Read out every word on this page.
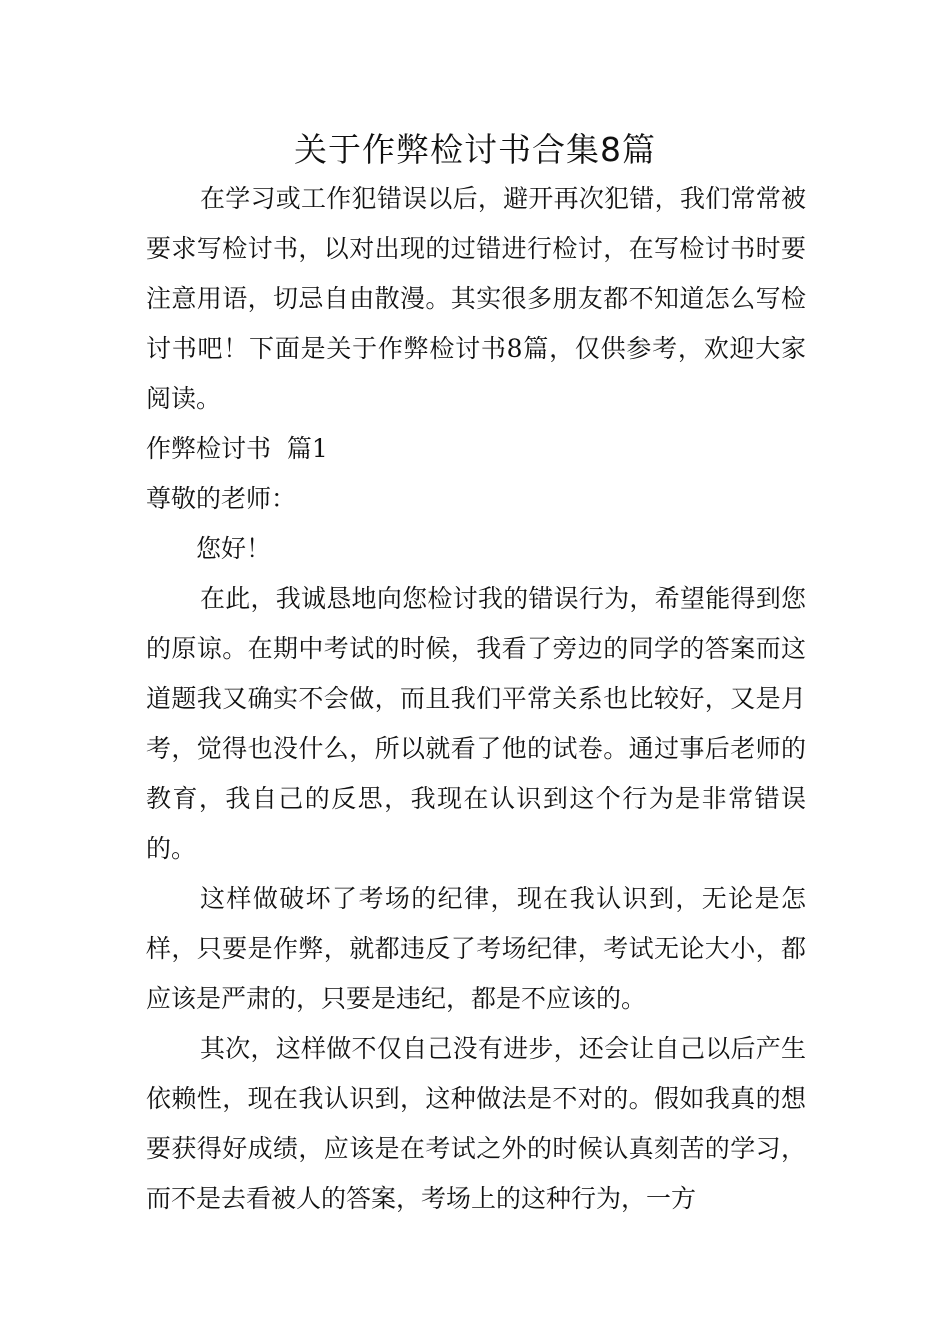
关于作弊检讨书合集8篇

在学习或工作犯错误以后，避开再次犯错，我们常常被要求写检讨书，以对出现的过错进行检讨，在写检讨书时要注意用语，切忌自由散漫。其实很多朋友都不知道怎么写检讨书吧！下面是关于作弊检讨书8篇，仅供参考，欢迎大家阅读。

作弊检讨书  篇1

尊敬的老师：

您好！

在此，我诚恳地向您检讨我的错误行为，希望能得到您的原谅。在期中考试的时候，我看了旁边的同学的答案而这道题我又确实不会做，而且我们平常关系也比较好，又是月考，觉得也没什么，所以就看了他的试卷。通过事后老师的教育，我自己的反思，我现在认识到这个行为是非常错误的。

这样做破坏了考场的纪律，现在我认识到，无论是怎样，只要是作弊，就都违反了考场纪律，考试无论大小，都应该是严肃的，只要是违纪，都是不应该的。

其次，这样做不仅自己没有进步，还会让自己以后产生依赖性，现在我认识到，这种做法是不对的。假如我真的想要获得好成绩，应该是在考试之外的时候认真刻苦的学习，而不是去看被人的答案，考场上的这种行为，一方
